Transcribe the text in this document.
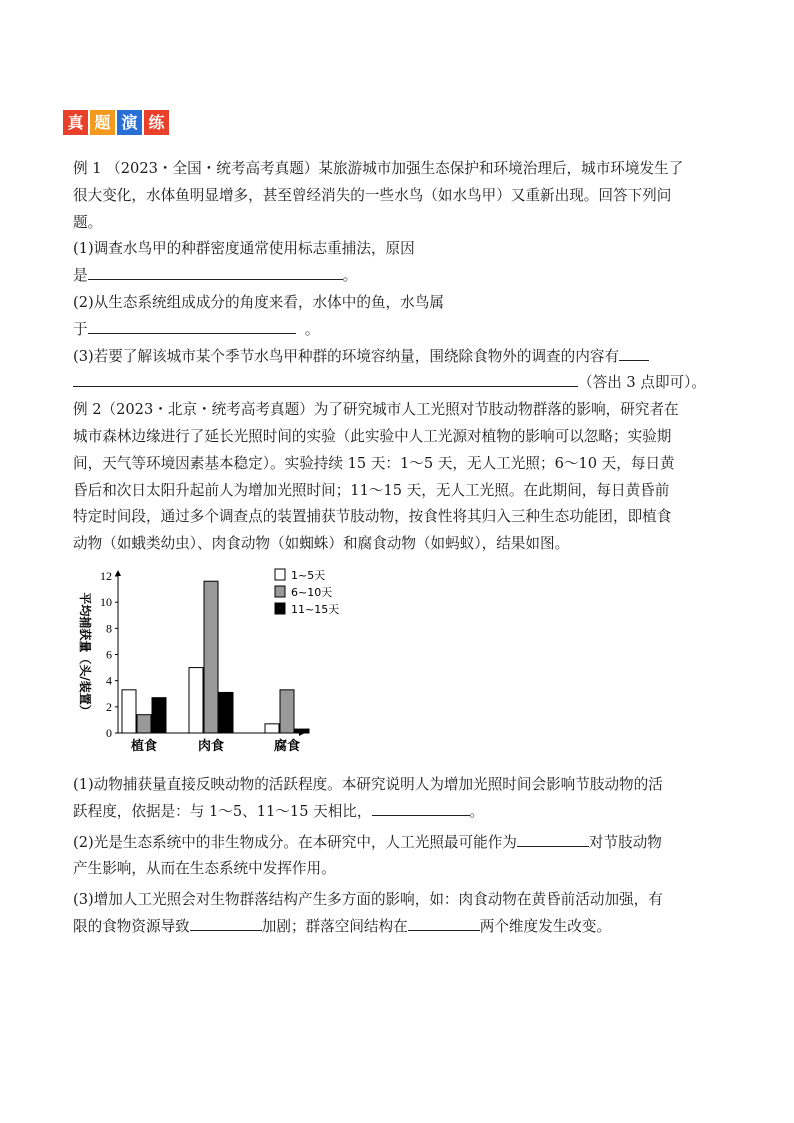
真 题 演 练

例 1 （2023・全国・统考高考真题）某旅游城市加强生态保护和环境治理后，城市环境发生了

很大变化，水体鱼明显增多，甚至曾经消失的一些水鸟（如水鸟甲）又重新出现。回答下列问

题。

(1)调查水鸟甲的种群密度通常使用标志重捕法，原因

是	。

(2)从生态系统组成成分的角度来看，水体中的鱼，水鸟属

于	。

(3)若要了解该城市某个季节水鸟甲种群的环境容纳量，围绕除食物外的调查的内容有

（答出 3 点即可）。

例 2（2023・北京・统考高考真题）为了研究城市人工光照对节肢动物群落的影响，研究者在

城市森林边缘进行了延长光照时间的实验（此实验中人工光源对植物的影响可以忽略；实验期

间，天气等环境因素基本稳定）。实验持续 15 天：1～5 天，无人工光照；6～10 天，每日黄

昏后和次日太阳升起前人为增加光照时间；11～15 天，无人工光照。在此期间，每日黄昏前

特定时间段，通过多个调查点的装置捕获节肢动物，按食性将其归入三种生态功能团，即植食

动物（如蛾类幼虫）、肉食动物（如蜘蛛）和腐食动物（如蚂蚁），结果如图。

0
2
4
6
8
10
12
平均捕获量（头/装置）
植食	肉食	腐食
1~5天
6~10天
11~15天

(1)动物捕获量直接反映动物的活跃程度。本研究说明人为增加光照时间会影响节肢动物的活

跃程度，依据是：与 1～5、11～15 天相比，	。

(2)光是生态系统中的非生物成分。在本研究中，人工光照最可能作为	对节肢动物

产生影响，从而在生态系统中发挥作用。

(3)增加人工光照会对生物群落结构产生多方面的影响，如：肉食动物在黄昏前活动加强，有

限的食物资源导致	加剧；群落空间结构在	两个维度发生改变。
